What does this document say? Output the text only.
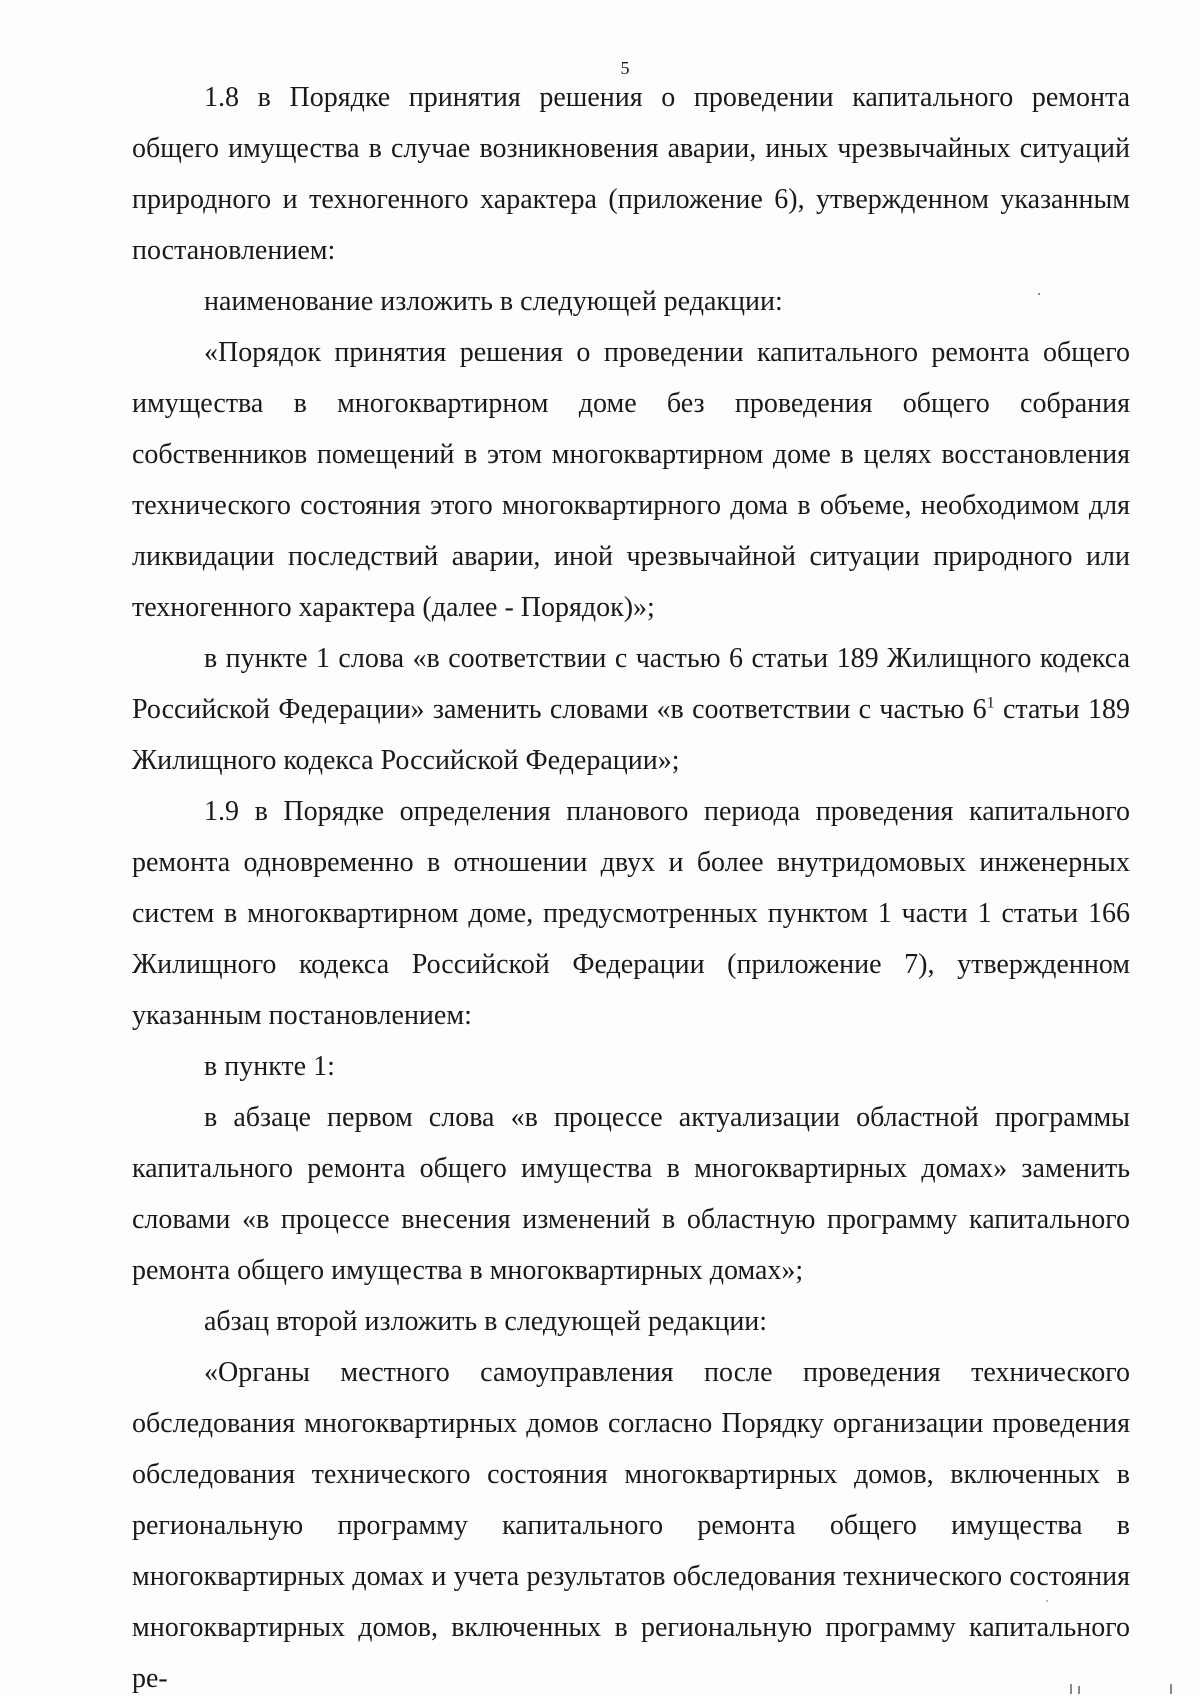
5

1.8 в Порядке принятия решения о проведении капитального ремонта общего имущества в случае возникновения аварии, иных чрезвычайных ситуаций природного и техногенного характера (приложение 6), утвержденном указанным постановлением:

наименование изложить в следующей редакции:

«Порядок принятия решения о проведении капитального ремонта общего имущества в многоквартирном доме без проведения общего собрания собственников помещений в этом многоквартирном доме в целях восстановления технического состояния этого многоквартирного дома в объеме, необходимом для ликвидации последствий аварии, иной чрезвычайной ситуации природного или техногенного характера (далее - Порядок)»;

в пункте 1 слова «в соответствии с частью 6 статьи 189 Жилищного кодекса Российской Федерации» заменить словами «в соответствии с частью $6^1$ статьи 189 Жилищного кодекса Российской Федерации»;

1.9 в Порядке определения планового периода проведения капитального ремонта одновременно в отношении двух и более внутридомовых инженерных систем в многоквартирном доме, предусмотренных пунктом 1 части 1 статьи 166 Жилищного кодекса Российской Федерации (приложение 7), утвержденном указанным постановлением:

в пункте 1:

в абзаце первом слова «в процессе актуализации областной программы капитального ремонта общего имущества в многоквартирных домах» заменить словами «в процессе внесения изменений в областную программу капитального ремонта общего имущества в многоквартирных домах»;

абзац второй изложить в следующей редакции:

«Органы местного самоуправления после проведения технического обследования многоквартирных домов согласно Порядку организации проведения обследования технического состояния многоквартирных домов, включенных в региональную программу капитального ремонта общего имущества в многоквартирных домах и учета результатов обследования технического состояния многоквартирных домов, включенных в региональную программу капитального ре-
